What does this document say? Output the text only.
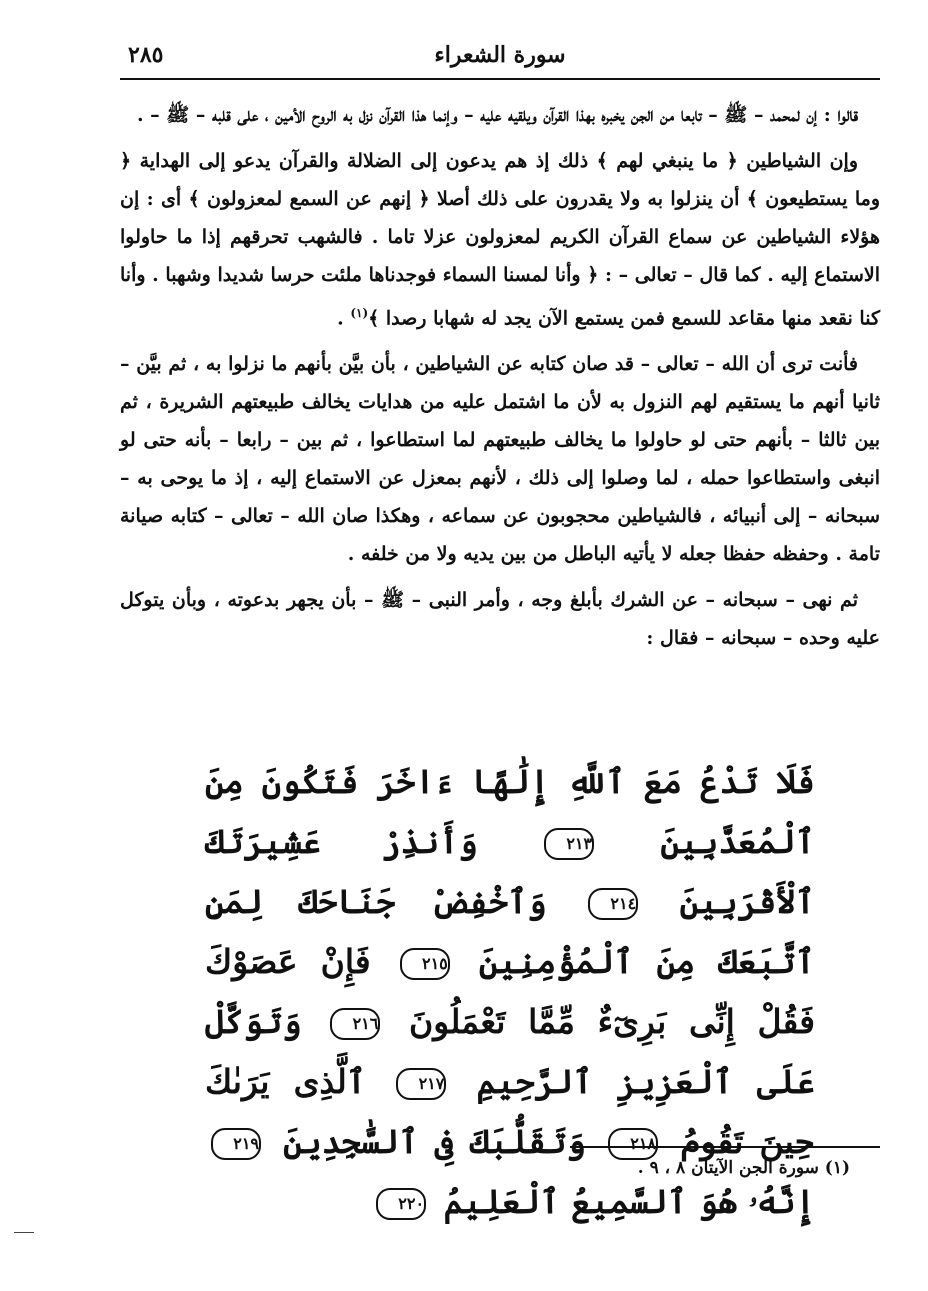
٢٨٥	سورة الشعراء

قالوا : إن لمحمد – ﷺ – تابعا من الجن يخبره بهذا القرآن ويلقيه عليه – وإنما هذا القرآن نزل به الروح الأمين ، على قلبه – ﷺ – .

وإن الشياطين ﴿ ما ينبغي لهم ﴾ ذلك إذ هم يدعون إلى الضلالة والقرآن يدعو إلى الهداية ﴿ وما يستطيعون ﴾ أن ينزلوا به ولا يقدرون على ذلك أصلا ﴿ إنهم عن السمع لمعزولون ﴾ أى : إن هؤلاء الشياطين عن سماع القرآن الكريم لمعزولون عزلا تاما . فالشهب تحرقهم إذا ما حاولوا الاستماع إليه . كما قال – تعالى – : ﴿ وأنا لمسنا السماء فوجدناها ملئت حرسا شديدا وشهبا . وأنا كنا نقعد منها مقاعد للسمع فمن يستمع الآن يجد له شهابا رصدا ﴾$^{(١)}$ .

فأنت ترى أن الله – تعالى – قد صان كتابه عن الشياطين ، بأن بيَّن بأنهم ما نزلوا به ، ثم بيَّن – ثانيا أنهم ما يستقيم لهم النزول به لأن ما اشتمل عليه من هدايات يخالف طبيعتهم الشريرة ، ثم بين ثالثا – بأنهم حتى لو حاولوا ما يخالف طبيعتهم لما استطاعوا ، ثم بين – رابعا – بأنه حتى لو انبغى واستطاعوا حمله ، لما وصلوا إلى ذلك ، لأنهم بمعزل عن الاستماع إليه ، إذ ما يوحى به – سبحانه – إلى أنبيائه ، فالشياطين محجوبون عن سماعه ، وهكذا صان الله – تعالى – كتابه صيانة تامة . وحفظه حفظا جعله لا يأتيه الباطل من بين يديه ولا من خلفه .

ثم نهى – سبحانه – عن الشرك بأبلغ وجه ، وأمر النبى – ﷺ – بأن يجهر بدعوته ، وبأن يتوكل عليه وحده – سبحانه – فقال :

فَلَا تَدْعُ مَعَ ٱللَّهِ إِلَٰهًا ءَاخَرَ فَتَكُونَ مِنَ ٱلْمُعَذَّبِينَ ٢١٣ وَأَنذِرْ عَشِيرَتَكَ ٱلْأَقْرَبِينَ ٢١٤ وَٱخْفِضْ جَنَاحَكَ لِمَنِ ٱتَّبَعَكَ مِنَ ٱلْمُؤْمِنِينَ ٢١٥ فَإِنْ عَصَوْكَ فَقُلْ إِنِّى بَرِىٓءٌ مِّمَّا تَعْمَلُونَ ٢١٦ وَتَوَكَّلْ عَلَى ٱلْعَزِيزِ ٱلرَّحِيمِ ٢١٧ ٱلَّذِى يَرَىٰكَ حِينَ تَقُومُ ٢١٨ وَتَقَلُّبَكَ فِى ٱلسَّٰجِدِينَ ٢١٩ إِنَّهُۥ هُوَ ٱلسَّمِيعُ ٱلْعَلِيمُ ٢٢٠
(١) سورة الجن الآيتان ٨ ، ٩ .
